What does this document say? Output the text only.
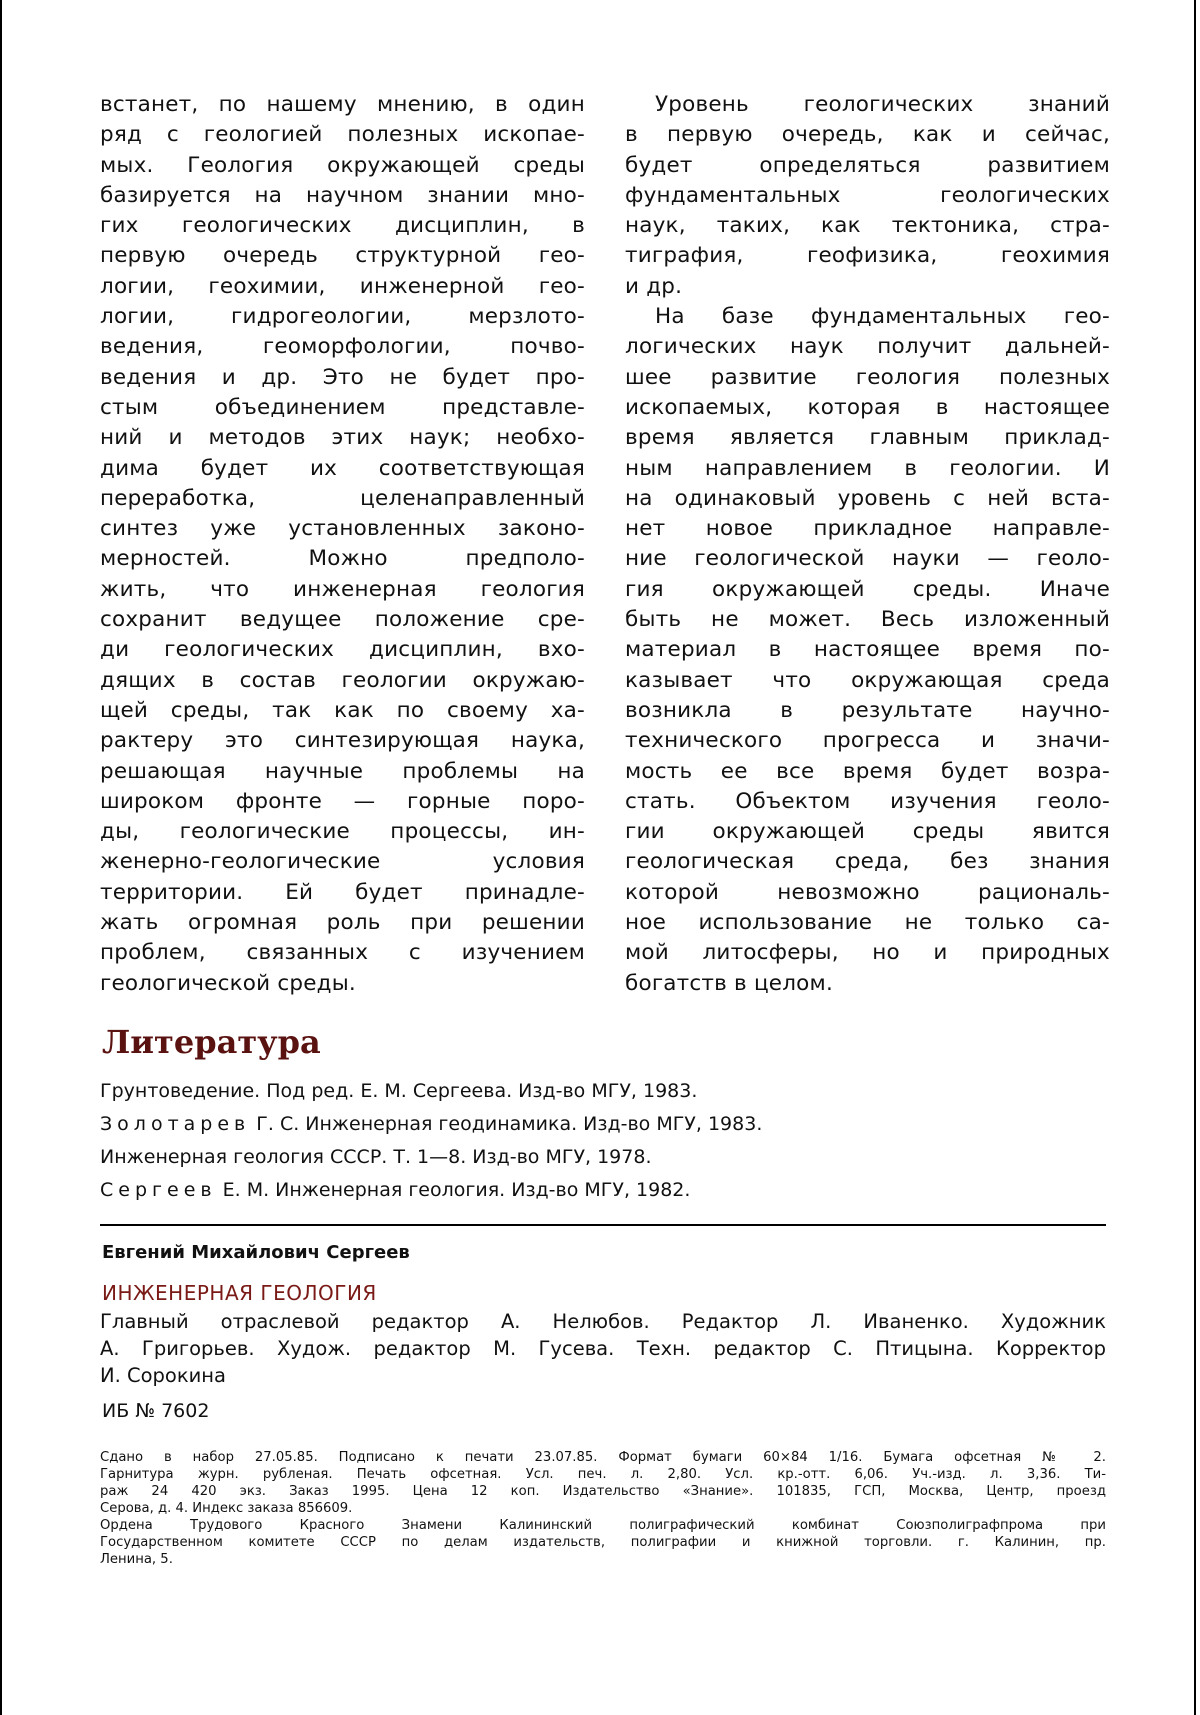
встанет, по нашему мнению, в один
ряд с геологией полезных ископае-
мых. Геология окружающей среды
базируется на научном знании мно-
гих геологических дисциплин, в
первую очередь структурной гео-
логии, геохимии, инженерной гео-
логии, гидрогеологии, мерзлото-
ведения, геоморфологии, почво-
ведения и др. Это не будет про-
стым объединением представле-
ний и методов этих наук; необхо-
дима будет их соответствующая
переработка, целенаправленный
синтез уже установленных законо-
мерностей. Можно предполо-
жить, что инженерная геология
сохранит ведущее положение сре-
ди геологических дисциплин, вхо-
дящих в состав геологии окружаю-
щей среды, так как по своему ха-
рактеру это синтезирующая наука,
решающая научные проблемы на
широком фронте — горные поро-
ды, геологические процессы, ин-
женерно-геологические условия
территории. Ей будет принадле-
жать огромная роль при решении
проблем, связанных с изучением
геологической среды.
Уровень геологических знаний
в первую очередь, как и сейчас,
будет определяться развитием
фундаментальных геологических
наук, таких, как тектоника, стра-
тиграфия, геофизика, геохимия
и др.
На базе фундаментальных гео-
логических наук получит дальней-
шее развитие геология полезных
ископаемых, которая в настоящее
время является главным приклад-
ным направлением в геологии. И
на одинаковый уровень с ней вста-
нет новое прикладное направле-
ние геологической науки — геоло-
гия окружающей среды. Иначе
быть не может. Весь изложенный
материал в настоящее время по-
казывает что окружающая среда
возникла в результате научно-
технического прогресса и значи-
мость ее все время будет возра-
стать. Объектом изучения геоло-
гии окружающей среды явится
геологическая среда, без знания
которой невозможно рациональ-
ное использование не только са-
мой литосферы, но и природных
богатств в целом.
Литература
Грунтоведение. Под ред. Е. М. Сергеева. Изд-во МГУ, 1983.
Золотарев Г. С. Инженерная геодинамика. Изд-во МГУ, 1983.
Инженерная геология СССР. Т. 1—8. Изд-во МГУ, 1978.
Сергеев Е. М. Инженерная геология. Изд-во МГУ, 1982.
Евгений Михайлович Сергеев
ИНЖЕНЕРНАЯ ГЕОЛОГИЯ
Главный отраслевой редактор А. Нелюбов. Редактор Л. Иваненко. Художник
А. Григорьев. Худож. редактор М. Гусева. Техн. редактор С. Птицына. Корректор
И. Сорокина
ИБ № 7602
Сдано в набор 27.05.85. Подписано к печати 23.07.85. Формат бумаги 60×84 1/16. Бумага офсетная № 2.
Гарнитура журн. рубленая. Печать офсетная. Усл. печ. л. 2,80. Усл. кр.-отт. 6,06. Уч.-изд. л. 3,36. Ти-
раж 24 420 экз. Заказ 1995. Цена 12 коп. Издательство «Знание». 101835, ГСП, Москва, Центр, проезд
Серова, д. 4. Индекс заказа 856609.
Ордена Трудового Красного Знамени Калининский полиграфический комбинат Союзполиграфпрома при
Государственном комитете СССР по делам издательств, полиграфии и книжной торговли. г. Калинин, пр.
Ленина, 5.
